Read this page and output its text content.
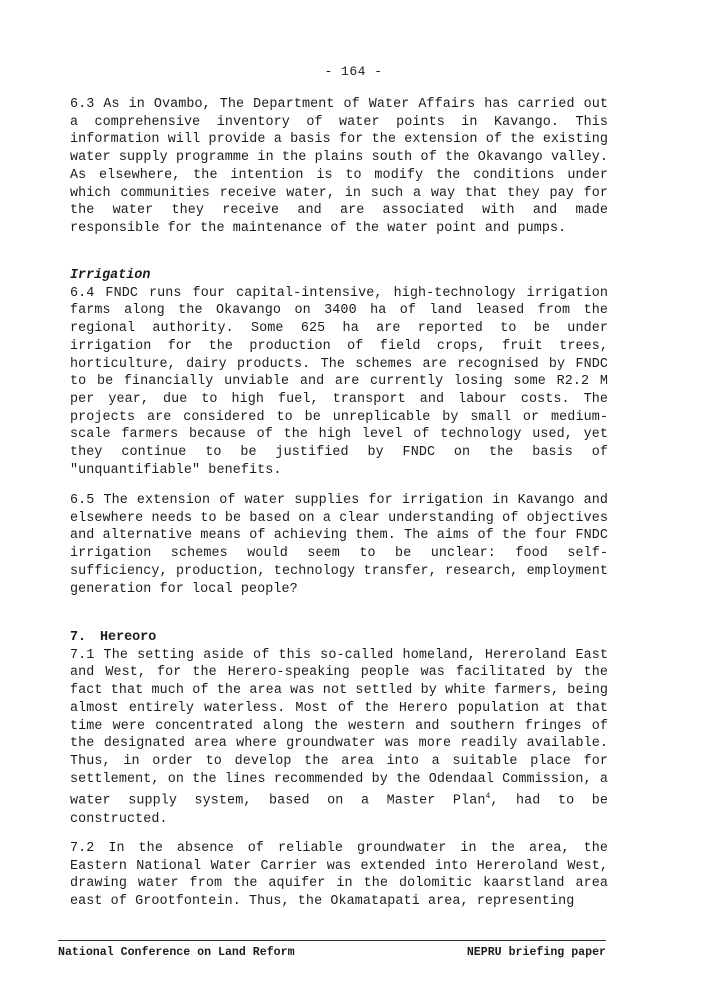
- 164 -

6.3 As in Ovambo, The Department of Water Affairs has carried out a comprehensive inventory of water points in Kavango. This information will provide a basis for the extension of the existing water supply programme in the plains south of the Okavango valley. As elsewhere, the intention is to modify the conditions under which communities receive water, in such a way that they pay for the water they receive and are associated with and made responsible for the maintenance of the water point and pumps.

Irrigation

6.4 FNDC runs four capital-intensive, high-technology irrigation farms along the Okavango on 3400 ha of land leased from the regional authority. Some 625 ha are reported to be under irrigation for the production of field crops, fruit trees, horticulture, dairy products. The schemes are recognised by FNDC to be financially unviable and are currently losing some R2.2 M per year, due to high fuel, transport and labour costs. The projects are considered to be unreplicable by small or medium-scale farmers because of the high level of technology used, yet they continue to be justified by FNDC on the basis of "unquantifiable" benefits.

6.5 The extension of water supplies for irrigation in Kavango and elsewhere needs to be based on a clear understanding of objectives and alternative means of achieving them. The aims of the four FNDC irrigation schemes would seem to be unclear: food self-sufficiency, production, technology transfer, research, employment generation for local people?

7. Hereoro

7.1 The setting aside of this so-called homeland, Hereroland East and West, for the Herero-speaking people was facilitated by the fact that much of the area was not settled by white farmers, being almost entirely waterless. Most of the Herero population at that time were concentrated along the western and southern fringes of the designated area where groundwater was more readily available. Thus, in order to develop the area into a suitable place for settlement, on the lines recommended by the Odendaal Commission, a water supply system, based on a Master Plan$^4$, had to be constructed.

7.2 In the absence of reliable groundwater in the area, the Eastern National Water Carrier was extended into Hereroland West, drawing water from the aquifer in the dolomitic kaarstland area east of Grootfontein. Thus, the Okamatapati area, representing

National Conference on Land Reform	NEPRU briefing paper
